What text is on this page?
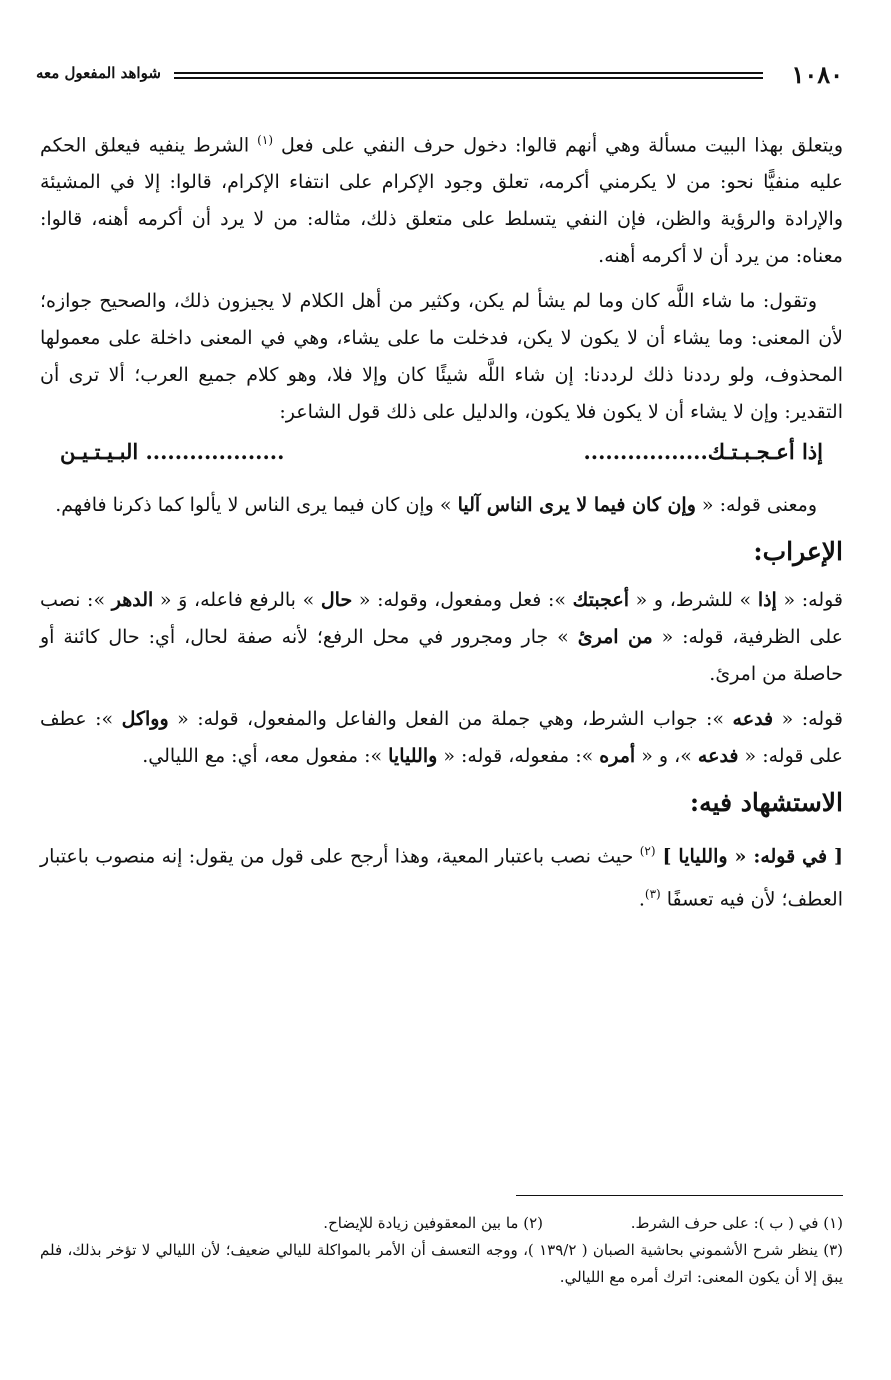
١٠٨٠
شواهد المفعول معه

ويتعلق بهذا البيت مسألة وهي أنهم قالوا: دخول حرف النفي على فعل $^{(١)}$ الشرط ينفيه فيعلق الحكم عليه منفيًّا نحو: من لا يكرمني أكرمه، تعلق وجود الإكرام على انتفاء الإكرام، قالوا: إلا في المشيئة والإرادة والرؤية والظن، فإن النفي يتسلط على متعلق ذلك، مثاله: من لا يرد أن أكرمه أهنه، قالوا: معناه: من يرد أن لا أكرمه أهنه.

وتقول: ما شاء اللَّه كان وما لم يشأ لم يكن، وكثير من أهل الكلام لا يجيزون ذلك، والصحيح جوازه؛ لأن المعنى: وما يشاء أن لا يكون لا يكن، فدخلت ما على يشاء، وهي في المعنى داخلة على معمولها المحذوف، ولو رددنا ذلك لرددنا: إن شاء اللَّه شيئًا كان وإلا فلا، وهو كلام جميع العرب؛ ألا ترى أن التقدير: وإن لا يشاء أن لا يكون فلا يكون، والدليل على ذلك قول الشاعر:

إذا أعـجـبـتـك.................
................... البـيـتـيـن

ومعنى قوله: « وإن كان فيما لا يرى الناس آليا » وإن كان فيما يرى الناس لا يألوا كما ذكرنا فافهم.

الإعراب:

قوله: « إذا » للشرط، و « أعجبتك »: فعل ومفعول، وقوله: « حال » بالرفع فاعله، وَ « الدهر »: نصب على الظرفية، قوله: « من امرئ » جار ومجرور في محل الرفع؛ لأنه صفة لحال، أي: حال كائنة أو حاصلة من امرئ.

قوله: « فدعه »: جواب الشرط، وهي جملة من الفعل والفاعل والمفعول، قوله: « وواكل »: عطف على قوله: « فدعه »، و « أمره »: مفعوله، قوله: « والليايا »: مفعول معه، أي: مع الليالي.

الاستشهاد فيه:

[ في قوله: « والليايا ] $^{(٢)}$ حيث نصب باعتبار المعية، وهذا أرجح على قول من يقول: إنه منصوب باعتبار العطف؛ لأن فيه تعسفًا $^{(٣)}$.

(١) في ( ب ): على حرف الشرط.
(٢) ما بين المعقوفين زيادة للإيضاح.
(٣) ينظر شرح الأشموني بحاشية الصبان ( ١٣٩/٢ )، ووجه التعسف أن الأمر بالمواكلة لليالي ضعيف؛ لأن الليالي لا تؤخر بذلك، فلم يبق إلا أن يكون المعنى: اترك أمره مع الليالي.
